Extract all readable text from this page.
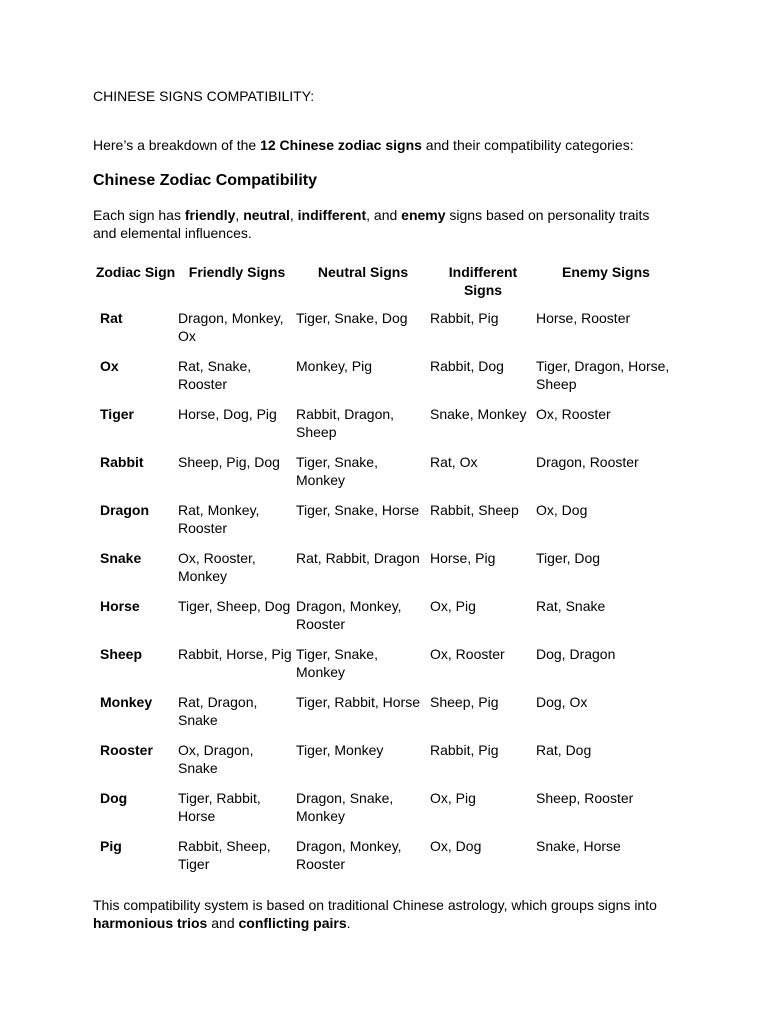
CHINESE SIGNS COMPATIBILITY:
Here’s a breakdown of the 12 Chinese zodiac signs and their compatibility categories:
Chinese Zodiac Compatibility
Each sign has friendly, neutral, indifferent, and enemy signs based on personality traits and elemental influences.
Zodiac Sign	Friendly Signs	Neutral Signs	Indifferent Signs	Enemy Signs
Rat	Dragon, Monkey, Ox	Tiger, Snake, Dog	Rabbit, Pig	Horse, Rooster
Ox	Rat, Snake, Rooster	Monkey, Pig	Rabbit, Dog	Tiger, Dragon, Horse, Sheep
Tiger	Horse, Dog, Pig	Rabbit, Dragon, Sheep	Snake, Monkey	Ox, Rooster
Rabbit	Sheep, Pig, Dog	Tiger, Snake, Monkey	Rat, Ox	Dragon, Rooster
Dragon	Rat, Monkey, Rooster	Tiger, Snake, Horse	Rabbit, Sheep	Ox, Dog
Snake	Ox, Rooster, Monkey	Rat, Rabbit, Dragon	Horse, Pig	Tiger, Dog
Horse	Tiger, Sheep, Dog	Dragon, Monkey, Rooster	Ox, Pig	Rat, Snake
Sheep	Rabbit, Horse, Pig	Tiger, Snake, Monkey	Ox, Rooster	Dog, Dragon
Monkey	Rat, Dragon, Snake	Tiger, Rabbit, Horse	Sheep, Pig	Dog, Ox
Rooster	Ox, Dragon, Snake	Tiger, Monkey	Rabbit, Pig	Rat, Dog
Dog	Tiger, Rabbit, Horse	Dragon, Snake, Monkey	Ox, Pig	Sheep, Rooster
Pig	Rabbit, Sheep, Tiger	Dragon, Monkey, Rooster	Ox, Dog	Snake, Horse
This compatibility system is based on traditional Chinese astrology, which groups signs into harmonious trios and conflicting pairs.
